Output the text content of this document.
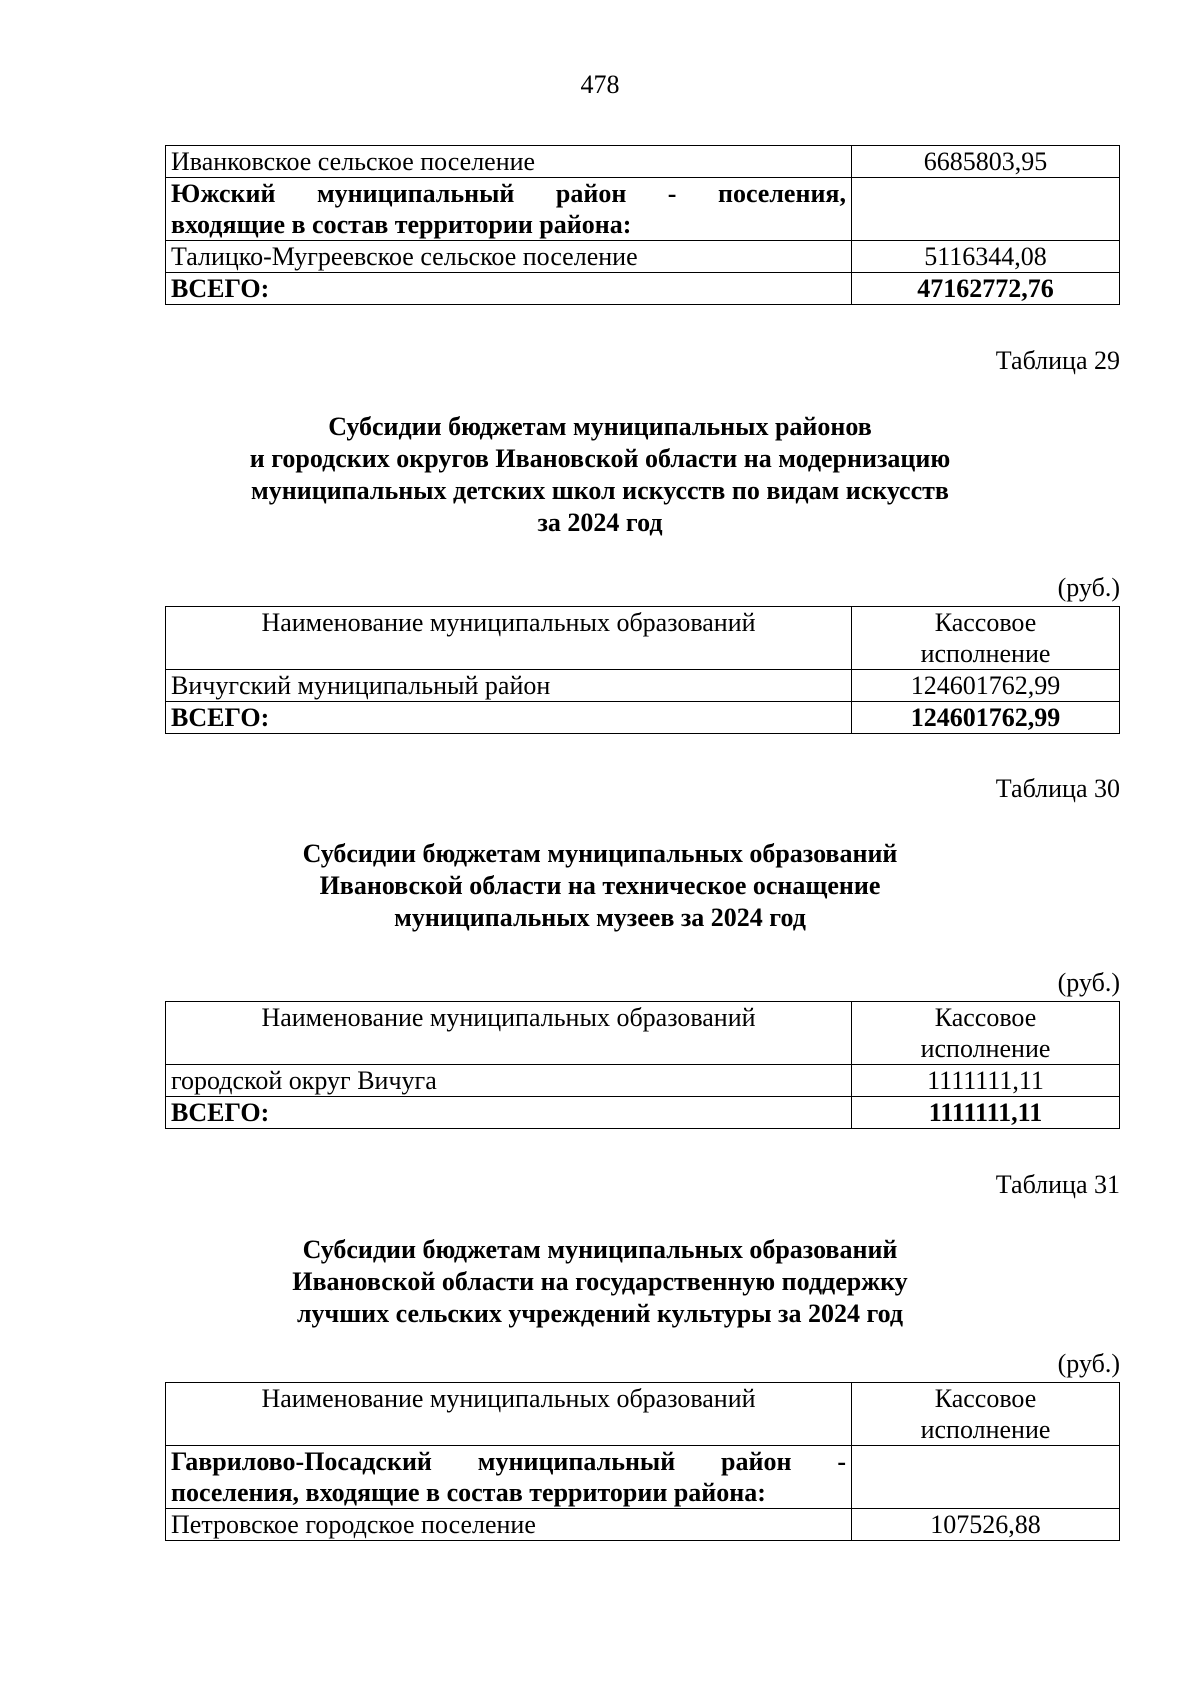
478
Иванковское сельское поселение	6685803,95

Южский муниципальный район - поселения,
входящие в состав территории района:	

Талицко-Мугреевское сельское поселение	5116344,08
ВСЕГО:	47162772,76
Таблица 29
Субсидии бюджетам муниципальных районов
и городских округов Ивановской области на модернизацию
муниципальных детских школ искусств по видам искусств
за 2024 год
(руб.)
Наименование муниципальных образований	Кассовое
исполнение

Вичугский муниципальный район	124601762,99
ВСЕГО:	124601762,99
Таблица 30
Субсидии бюджетам муниципальных образований
Ивановской области на техническое оснащение
муниципальных музеев за 2024 год
(руб.)
Наименование муниципальных образований	Кассовое
исполнение

городской округ Вичуга	1111111,11
ВСЕГО:	1111111,11
Таблица 31
Субсидии бюджетам муниципальных образований
Ивановской области на государственную поддержку
лучших сельских учреждений культуры за 2024 год
(руб.)
Наименование муниципальных образований	Кассовое
исполнение

Гаврилово-Посадский муниципальный район -
поселения, входящие в состав территории района:	

Петровское городское поселение	107526,88
